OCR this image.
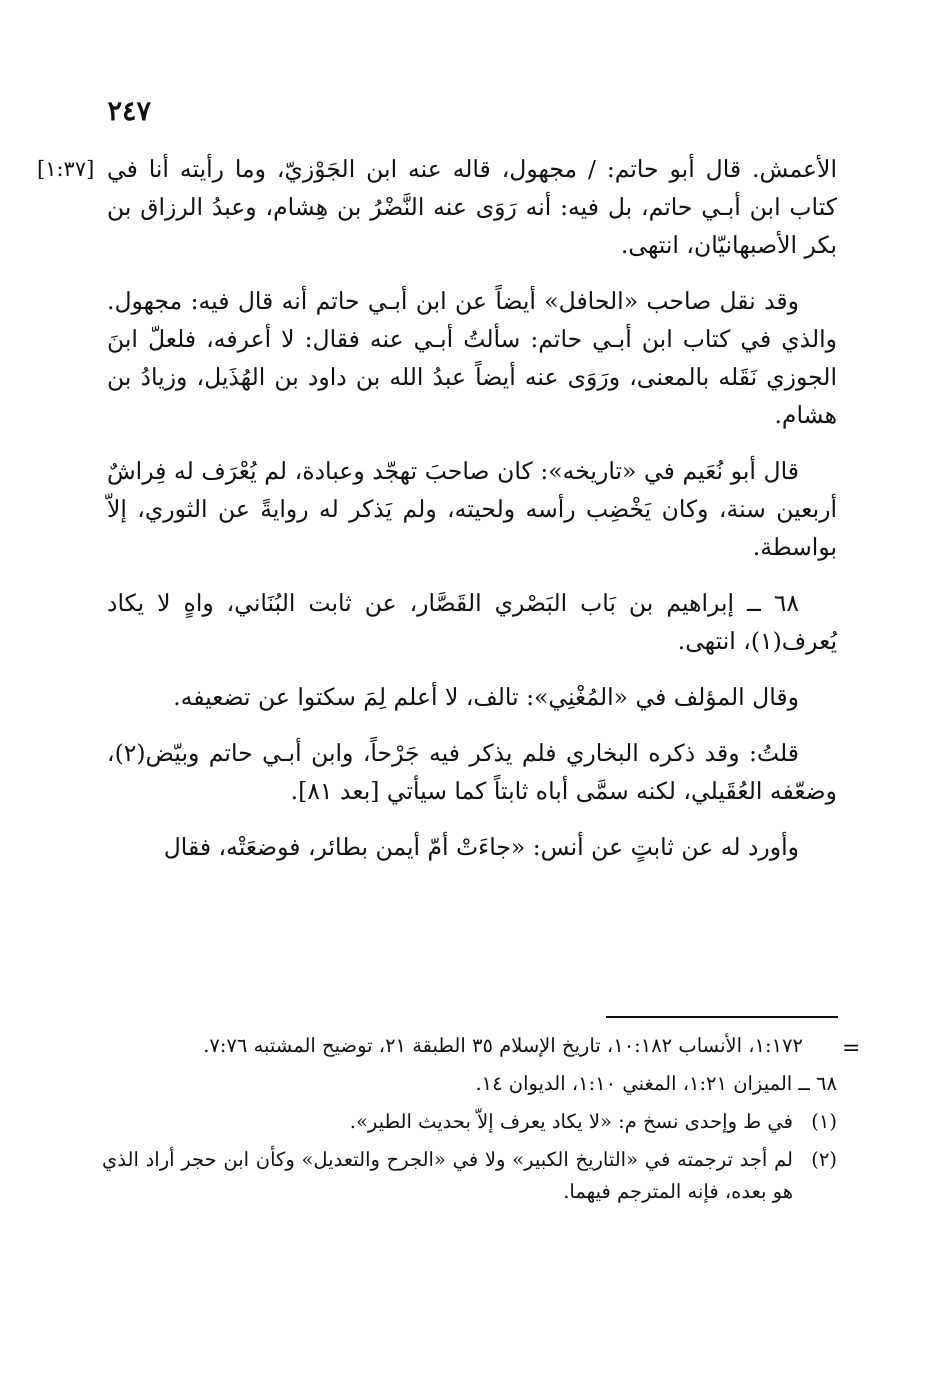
٢٤٧

[١:٣٧] الأعمش. قال أبو حاتم: / مجهول، قاله عنه ابن الجَوْزيّ، وما رأيته أنا في كتاب ابن أبـي حاتم، بل فيه: أنه رَوَى عنه النَّضْرُ بن هِشام، وعبدُ الرزاق بن بكر الأصبهانيّان، انتهى.

وقد نقل صاحب «الحافل» أيضاً عن ابن أبـي حاتم أنه قال فيه: مجهول. والذي في كتاب ابن أبـي حاتم: سألتُ أبـي عنه فقال: لا أعرفه، فلعلّ ابنَ الجوزي نَقَله بالمعنى، ورَوَى عنه أيضاً عبدُ الله بن داود بن الهُذَيل، وزيادُ بن هشام.

قال أبو نُعَيم في «تاريخه»: كان صاحبَ تهجّد وعبادة، لم يُعْرَف له فِراشٌ أربعين سنة، وكان يَخْضِب رأسه ولحيته، ولم يَذكر له روايةً عن الثوري، إلاّ بواسطة.

٦٨ ــ إبراهيم بن بَاب البَصْري القَصَّار، عن ثابت البُنَاني، واهٍ لا يكاد يُعرف(١)، انتهى.

وقال المؤلف في «المُغْنِي»: تالف، لا أعلم لِمَ سكتوا عن تضعيفه.

قلتُ: وقد ذكره البخاري فلم يذكر فيه جَرْحاً، وابن أبـي حاتم وبيّض(٢)، وضعّفه العُقَيلي، لكنه سمَّى أباه ثابتاً كما سيأتي [بعد ٨١].

وأورد له عن ثابتٍ عن أنس: «جاءَتْ أمّ أيمن بطائر، فوضعَتْه، فقال

=

١:١٧٢، الأنساب ١٠:١٨٢، تاريخ الإسلام ٣٥ الطبقة ٢١، توضيح المشتبه ٧:٧٦.

٦٨ ــ الميزان ١:٢١، المغني ١:١٠، الديوان ١٤.

(١)
في ط وإحدى نسخ م: «لا يكاد يعرف إلاّ بحديث الطير».

(٢)
لم أجد ترجمته في «التاريخ الكبير» ولا في «الجرح والتعديل» وكأن ابن حجر أراد الذي هو بعده، فإنه المترجم فيهما.
